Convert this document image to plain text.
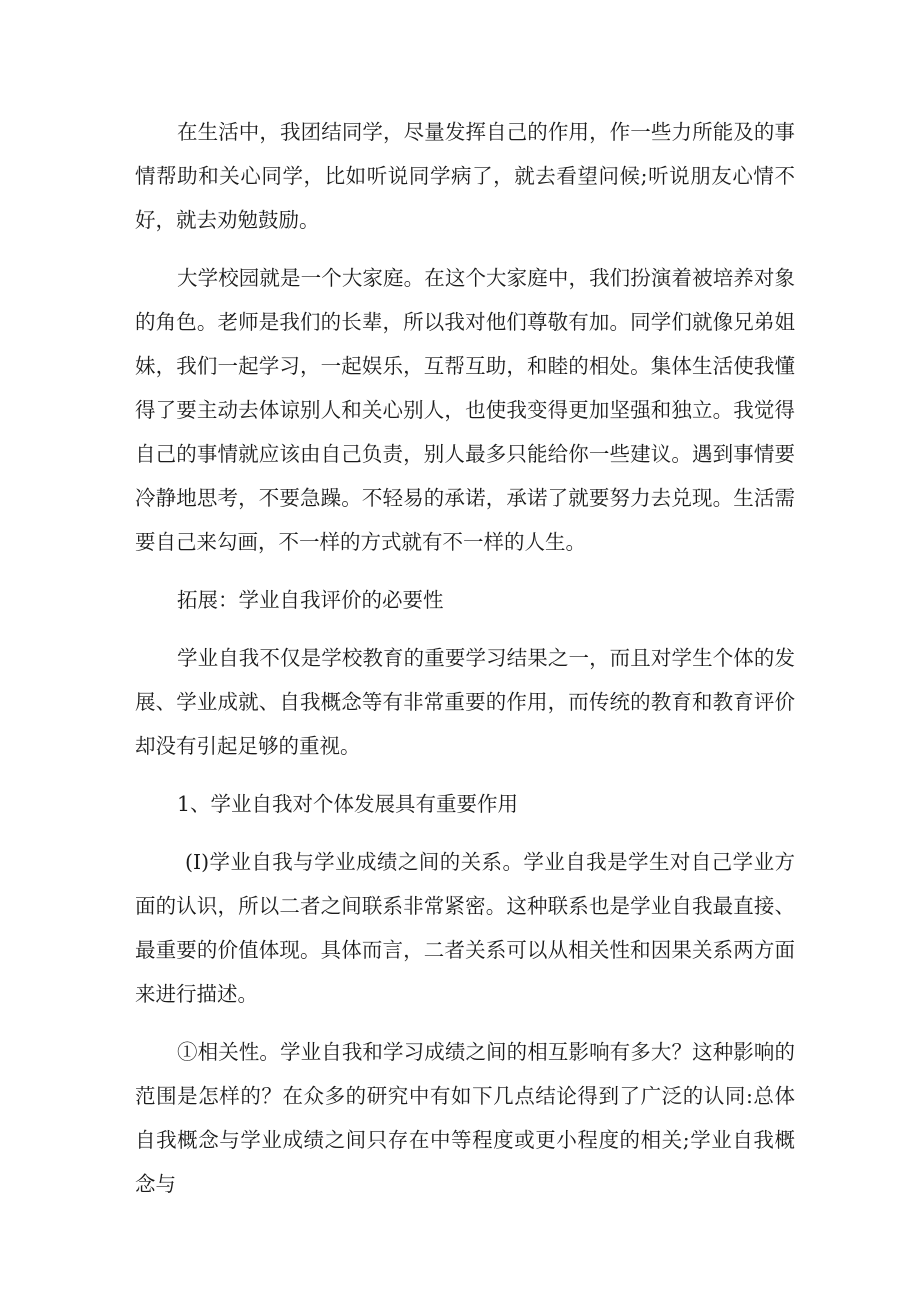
在生活中，我团结同学，尽量发挥自己的作用，作一些力所能及的事情帮助和关心同学，比如听说同学病了，就去看望问候;听说朋友心情不好，就去劝勉鼓励。

大学校园就是一个大家庭。在这个大家庭中，我们扮演着被培养对象的角色。老师是我们的长辈，所以我对他们尊敬有加。同学们就像兄弟姐妹，我们一起学习，一起娱乐，互帮互助，和睦的相处。集体生活使我懂得了要主动去体谅别人和关心别人，也使我变得更加坚强和独立。我觉得自己的事情就应该由自己负责，别人最多只能给你一些建议。遇到事情要冷静地思考，不要急躁。不轻易的承诺，承诺了就要努力去兑现。生活需要自己来勾画，不一样的方式就有不一样的人生。

拓展：学业自我评价的必要性

学业自我不仅是学校教育的重要学习结果之一，而且对学生个体的发展、学业成就、自我概念等有非常重要的作用，而传统的教育和教育评价却没有引起足够的重视。

1、学业自我对个体发展具有重要作用

(I)学业自我与学业成绩之间的关系。学业自我是学生对自己学业方面的认识，所以二者之间联系非常紧密。这种联系也是学业自我最直接、最重要的价值体现。具体而言，二者关系可以从相关性和因果关系两方面来进行描述。

①相关性。学业自我和学习成绩之间的相互影响有多大？这种影响的范围是怎样的？在众多的研究中有如下几点结论得到了广泛的认同:总体自我概念与学业成绩之间只存在中等程度或更小程度的相关;学业自我概念与
